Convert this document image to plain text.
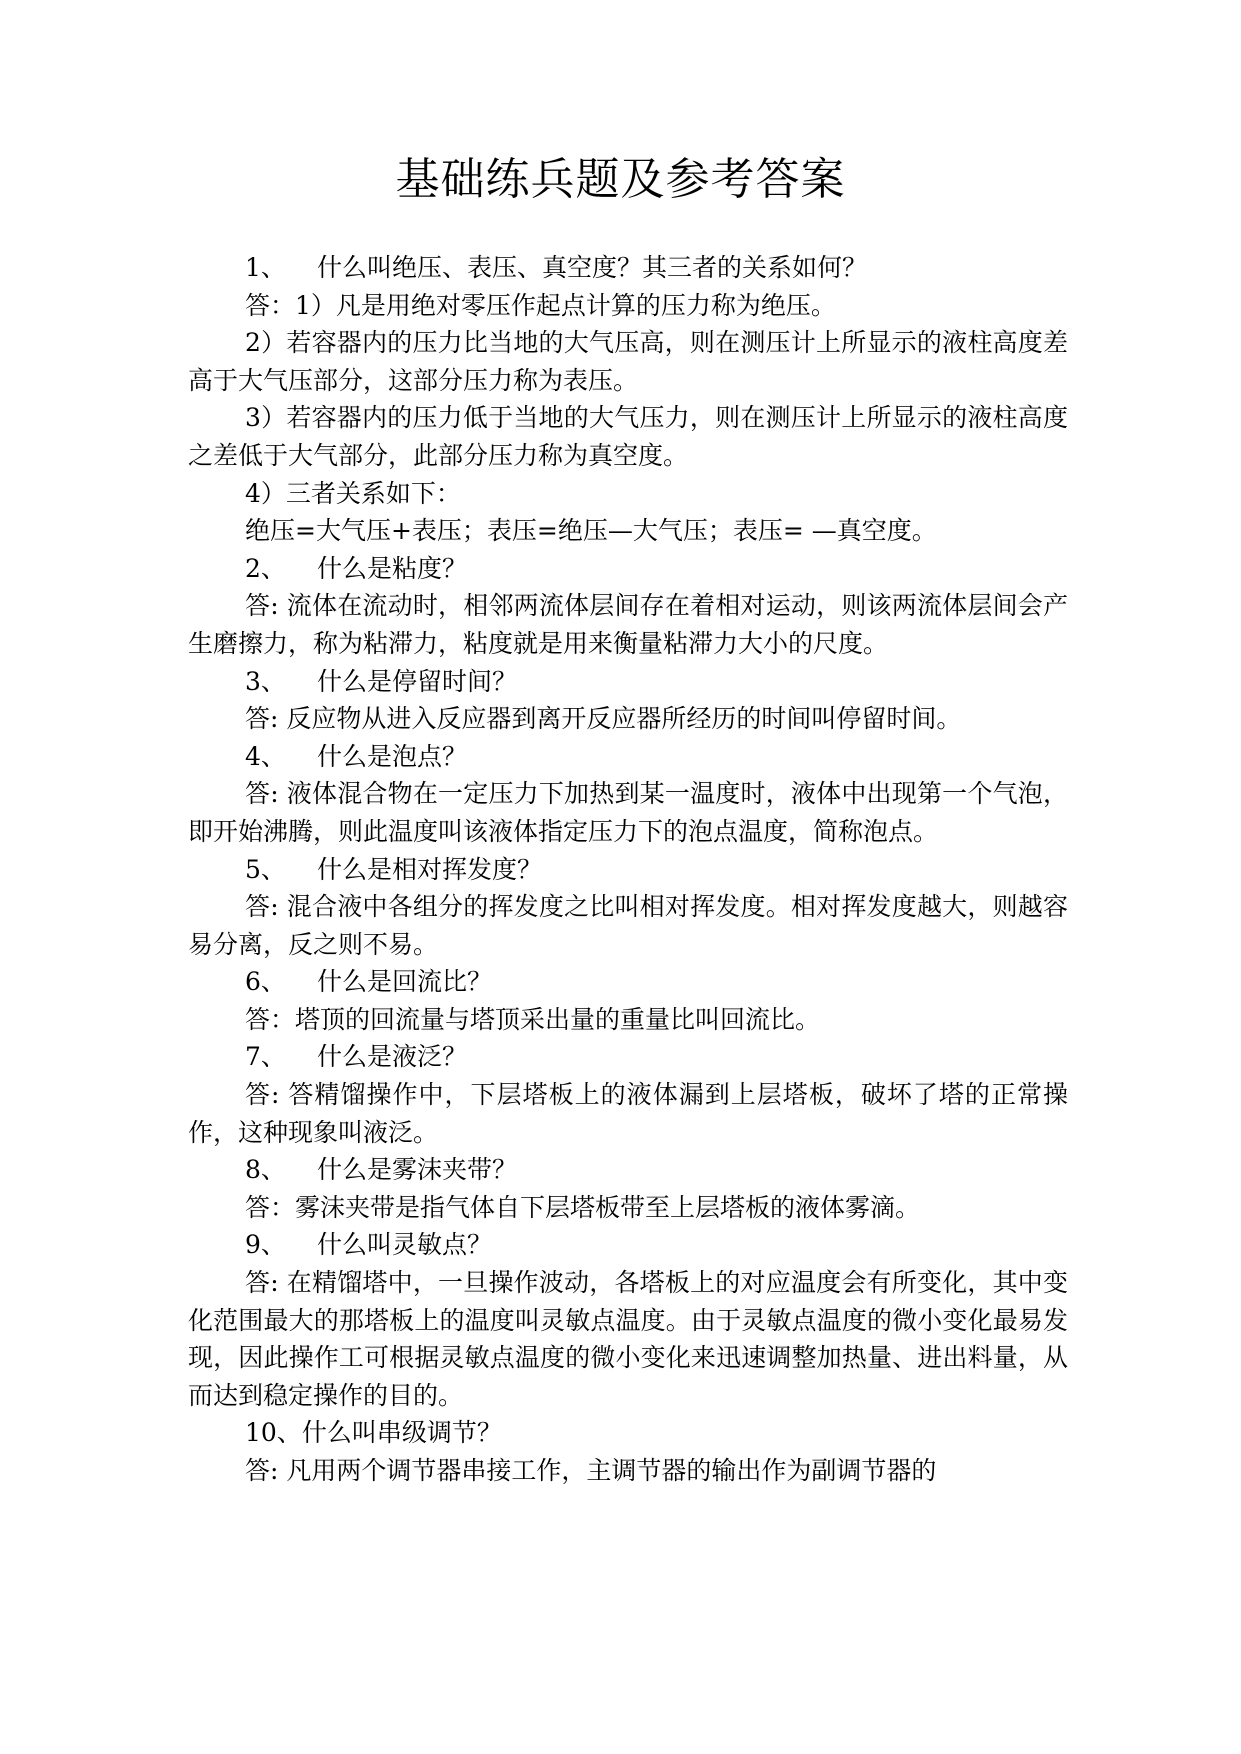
基础练兵题及参考答案

1、 什么叫绝压、表压、真空度？其三者的关系如何？

答：1）凡是用绝对零压作起点计算的压力称为绝压。

2）若容器内的压力比当地的大气压高，则在测压计上所显示的液柱高度差高于大气压部分，这部分压力称为表压。

3）若容器内的压力低于当地的大气压力，则在测压计上所显示的液柱高度之差低于大气部分，此部分压力称为真空度。

4）三者关系如下：

绝压=大气压+表压；表压=绝压—大气压；表压= —真空度。

2、 什么是粘度？

答: 流体在流动时，相邻两流体层间存在着相对运动，则该两流体层间会产生磨擦力，称为粘滞力，粘度就是用来衡量粘滞力大小的尺度。

3、 什么是停留时间？

答: 反应物从进入反应器到离开反应器所经历的时间叫停留时间。

4、 什么是泡点？

答: 液体混合物在一定压力下加热到某一温度时，液体中出现第一个气泡，即开始沸腾，则此温度叫该液体指定压力下的泡点温度，简称泡点。

5、 什么是相对挥发度？

答: 混合液中各组分的挥发度之比叫相对挥发度。相对挥发度越大，则越容易分离，反之则不易。

6、 什么是回流比？

答：塔顶的回流量与塔顶采出量的重量比叫回流比。

7、 什么是液泛？

答: 答精馏操作中，下层塔板上的液体漏到上层塔板，破坏了塔的正常操作，这种现象叫液泛。

8、 什么是雾沫夹带？

答：雾沫夹带是指气体自下层塔板带至上层塔板的液体雾滴。

9、 什么叫灵敏点？

答: 在精馏塔中，一旦操作波动，各塔板上的对应温度会有所变化，其中变化范围最大的那塔板上的温度叫灵敏点温度。由于灵敏点温度的微小变化最易发现，因此操作工可根据灵敏点温度的微小变化来迅速调整加热量、进出料量，从而达到稳定操作的目的。

10、什么叫串级调节？

答: 凡用两个调节器串接工作，主调节器的输出作为副调节器的
